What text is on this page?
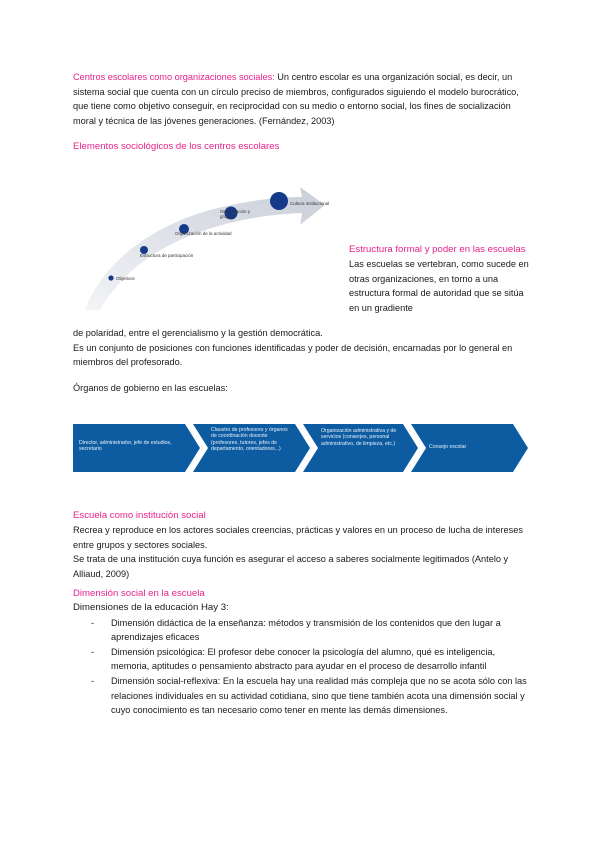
Centros escolares como organizaciones sociales: Un centro escolar es una organización social, es decir, un sistema social que cuenta con un círculo preciso de miembros, configurados siguiendo el modelo burocrático, que tiene como objetivo conseguir, en reciprocidad con su medio o entorno social, los fines de socialización moral y técnica de las jóvenes generaciones. (Fernández, 2003)
Elementos sociológicos de los centros escolares
Objetivos
Estructura de participación
Organización de la actividad
Organización y grupos
Cultura institucional
Estructura formal y poder en las escuelas
Las escuelas se vertebran, como sucede en otras organizaciones, en torno a una estructura formal de autoridad que se sitúa en un gradiente
de polaridad, entre el gerencialismo y la gestión democrática.
Es un conjunto de posiciones con funciones identificadas y poder de decisión, encarnadas por lo general en miembros del profesorado.
Órganos de gobierno en las escuelas:
Director, administrador, jefe de estudios, secretario
Claustro de profesores y órganos de coordinación docente (profesores, tutores, jefes de departamento, orientadores...)
Organización administrativa y de servicios (conserjes, personal administrativo, de limpieza, etc.)
Consejo escolar
Escuela como institución social
Recrea y reproduce en los actores sociales creencias, prácticas y valores en un proceso de lucha de intereses entre grupos y sectores sociales.
Se trata de una institución cuya función es asegurar el acceso a saberes socialmente legitimados (Antelo y Alliaud, 2009)
Dimensión social en la escuela
Dimensiones de la educación Hay 3:
- Dimensión didáctica de la enseñanza: métodos y transmisión de los contenidos que den lugar a aprendizajes eficaces
- Dimensión psicológica: El profesor debe conocer la psicología del alumno, qué es inteligencia, memoria, aptitudes o pensamiento abstracto para ayudar en el proceso de desarrollo infantil
- Dimensión social-reflexiva: En la escuela hay una realidad más compleja que no se acota sólo con las relaciones individuales en su actividad cotidiana, sino que tiene también acota una dimensión social y cuyo conocimiento es tan necesario como tener en mente las demás dimensiones.
